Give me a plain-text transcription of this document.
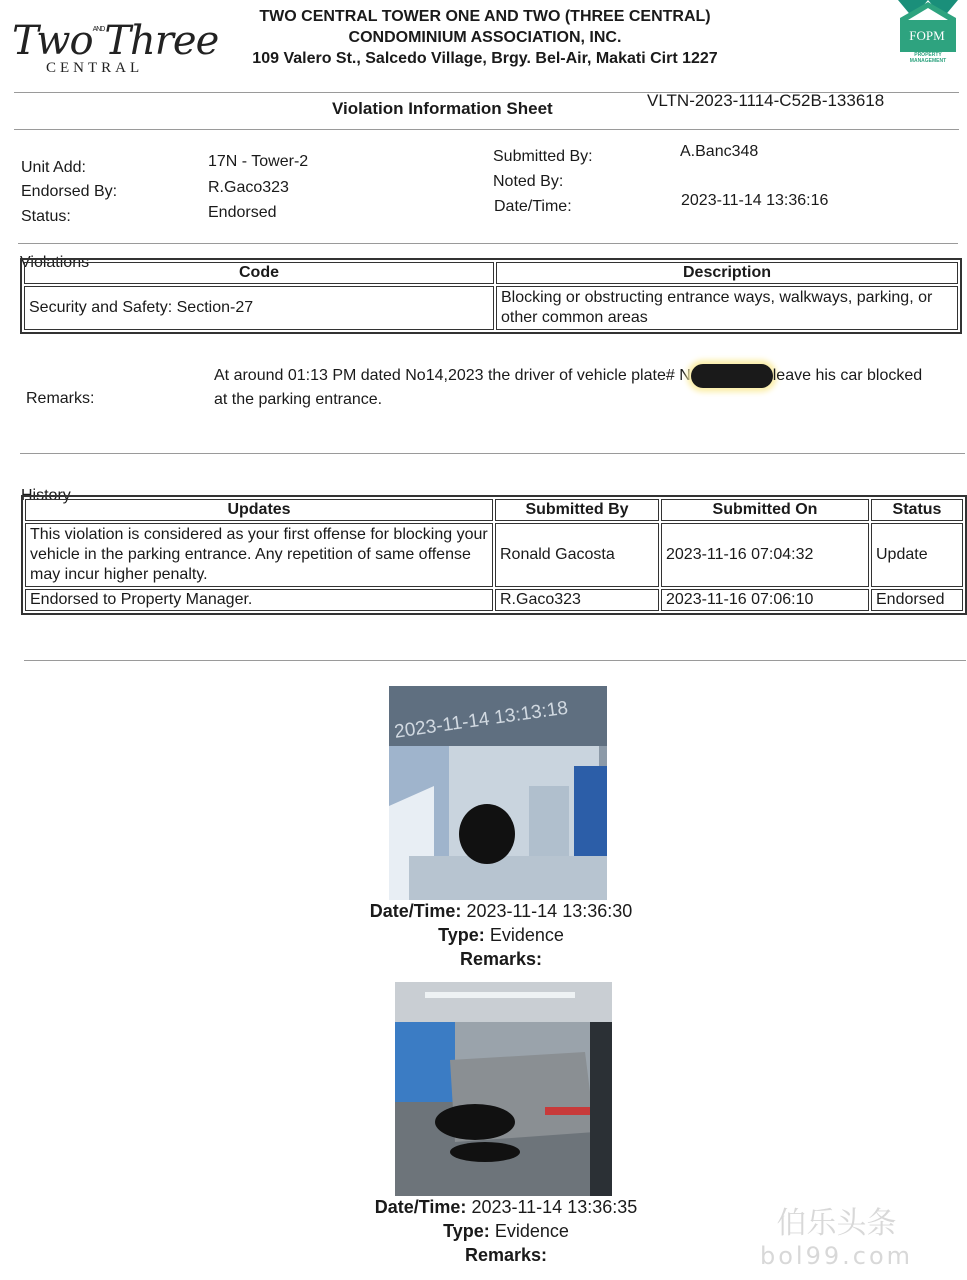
Two$^{AND}$Three
CENTRAL
TWO CENTRAL TOWER ONE AND TWO (THREE CENTRAL)
CONDOMINIUM ASSOCIATION, INC.
109 Valero St., Salcedo Village, Brgy. Bel-Air, Makati Cirt 1227
FOPM
PROPERTY
MANAGEMENT
Violation Information Sheet	VLTN-2023-1114-C52B-133618
Unit Add:	17N - Tower-2
Endorsed By:	R.Gaco323
Status:	Endorsed
Submitted By:	A.Banc348
Noted By:
Date/Time:	2023-11-14 13:36:16
Violations
Code	Description
Security and Safety: Section-27	Blocking or obstructing entrance ways, walkways, parking, or other common areas
Remarks:
At around 01:13 PM dated No14,2023 the driver of vehicle plate# N	leave his car blocked
at the parking entrance.
History
Updates	Submitted By	Submitted On	Status
This violation is considered as your first offense for blocking your vehicle in the parking entrance. Any repetition of same offense may incur higher penalty.	Ronald Gacosta	2023-11-16 07:04:32	Update
Endorsed to Property Manager.	R.Gaco323	2023-11-16 07:06:10	Endorsed
2023-11-14 13:13:18
Date/Time: 2023-11-14 13:36:30
Type: Evidence
Remarks:
Date/Time: 2023-11-14 13:36:35
Type: Evidence
Remarks:
伯乐头条
bol99.com
